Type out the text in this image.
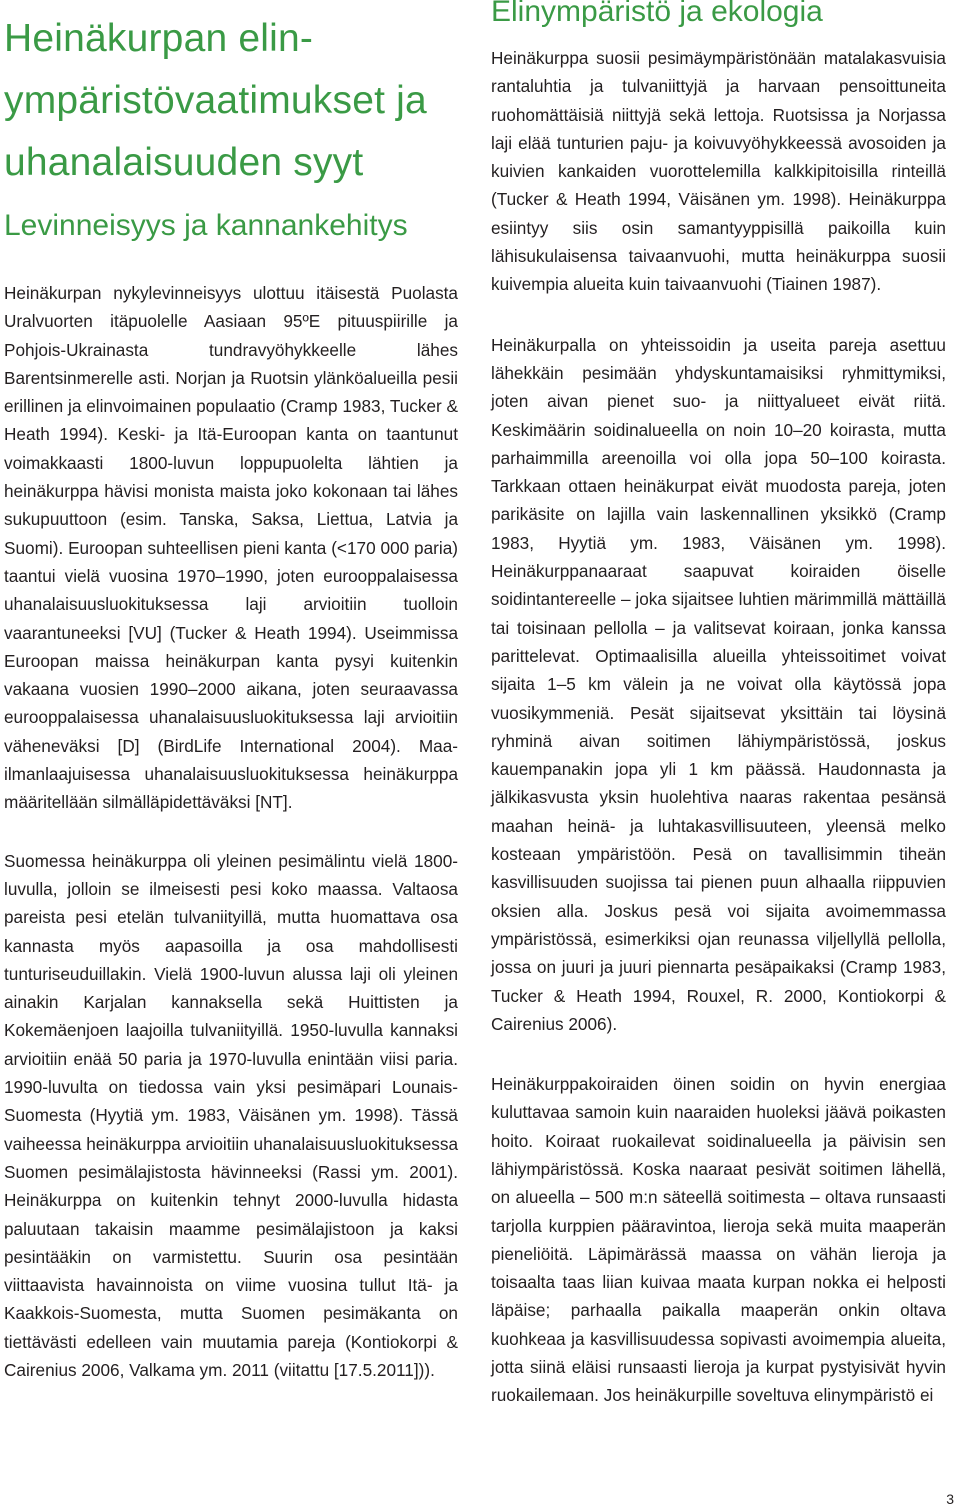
Heinäkurpan elinympäristövaatimukset ja uhanalaisuuden syyt
Levinneisyys ja kannankehitys

Heinäkurpan nykylevinneisyys ulottuu itäisestä Puolasta Uralvuorten itäpuolelle Aasiaan 95ºE pituuspiirille ja Pohjois-Ukrainasta tundravyöhykkeelle lähes Barentsinmerelle asti. Norjan ja Ruotsin ylänköalueilla pesii erillinen ja elinvoimainen populaatio (Cramp 1983, Tucker & Heath 1994). Keski- ja Itä-Euroopan kanta on taantunut voimakkaasti 1800-luvun loppupuolelta lähtien ja heinäkurppa hävisi monista maista joko kokonaan tai lähes sukupuuttoon (esim. Tanska, Saksa, Liettua, Latvia ja Suomi). Euroopan suhteellisen pieni kanta (<170 000 paria) taantui vielä vuosina 1970–1990, joten eurooppalaisessa uhanalaisuusluokituksessa laji arvioitiin tuolloin vaarantuneeksi [VU] (Tucker & Heath 1994). Useimmissa Euroopan maissa heinäkurpan kanta pysyi kuitenkin vakaana vuosien 1990–2000 aikana, joten seuraavassa eurooppalaisessa uhanalaisuusluokituksessa laji arvioitiin väheneväksi [D] (BirdLife International 2004). Maailmanlaajuisessa uhanalaisuusluokituksessa heinäkurppa määritellään silmälläpidettäväksi [NT].

Suomessa heinäkurppa oli yleinen pesimälintu vielä 1800-luvulla, jolloin se ilmeisesti pesi koko maassa. Valtaosa pareista pesi etelän tulvaniityillä, mutta huomattava osa kannasta myös aapasoilla ja osa mahdollisesti tunturiseuduillakin. Vielä 1900-luvun alussa laji oli yleinen ainakin Karjalan kannaksella sekä Huittisten ja Kokemäenjoen laajoilla tulvaniityillä. 1950-luvulla kannaksi arvioitiin enää 50 paria ja 1970-luvulla enintään viisi paria. 1990-luvulta on tiedossa vain yksi pesimäpari Lounais-Suomesta (Hyytiä ym. 1983, Väisänen ym. 1998). Tässä vaiheessa heinäkurppa arvioitiin uhanalaisuusluokituksessa Suomen pesimälajistosta hävinneeksi (Rassi ym. 2001). Heinäkurppa on kuitenkin tehnyt 2000-luvulla hidasta paluutaan takaisin maamme pesimälajistoon ja kaksi pesintääkin on varmistettu. Suurin osa pesintään viittaavista havainnoista on viime vuosina tullut Itä- ja Kaakkois-Suomesta, mutta Suomen pesimäkanta on tiettävästi edelleen vain muutamia pareja (Kontiokorpi & Cairenius 2006, Valkama ym. 2011 (viitattu [17.5.2011])).

Elinympäristö ja ekologia

Heinäkurppa suosii pesimäympäristönään matalakasvuisia rantaluhtia ja tulvaniittyjä ja harvaan pensoittuneita ruohomättäisiä niittyjä sekä lettoja. Ruotsissa ja Norjassa laji elää tunturien paju- ja koivuvyöhykkeessä avosoiden ja kuivien kankaiden vuorottelemilla kalkkipitoisilla rinteillä (Tucker & Heath 1994, Väisänen ym. 1998). Heinäkurppa esiintyy siis osin samantyyppisillä paikoilla kuin lähisukulaisensa taivaanvuohi, mutta heinäkurppa suosii kuivempia alueita kuin taivaanvuohi (Tiainen 1987).

Heinäkurpalla on yhteissoidin ja useita pareja asettuu lähekkäin pesimään yhdyskuntamaisiksi ryhmittymiksi, joten aivan pienet suo- ja niittyalueet eivät riitä. Keskimäärin soidinalueella on noin 10–20 koirasta, mutta parhaimmilla areenoilla voi olla jopa 50–100 koirasta. Tarkkaan ottaen heinäkurpat eivät muodosta pareja, joten parikäsite on lajilla vain laskennallinen yksikkö (Cramp 1983, Hyytiä ym. 1983, Väisänen ym. 1998). Heinäkurppanaaraat saapuvat koiraiden öiselle soidintantereelle – joka sijaitsee luhtien märimmillä mättäillä tai toisinaan pellolla – ja valitsevat koiraan, jonka kanssa parittelevat. Optimaalisilla alueilla yhteissoitimet voivat sijaita 1–5 km välein ja ne voivat olla käytössä jopa vuosikymmeniä. Pesät sijaitsevat yksittäin tai löysinä ryhminä aivan soitimen lähiympäristössä, joskus kauempanakin jopa yli 1 km päässä. Haudonnasta ja jälkikasvusta yksin huolehtiva naaras rakentaa pesänsä maahan heinä- ja luhtakasvillisuuteen, yleensä melko kosteaan ympäristöön. Pesä on tavallisimmin tiheän kasvillisuuden suojissa tai pienen puun alhaalla riippuvien oksien alla. Joskus pesä voi sijaita avoimemmassa ympäristössä, esimerkiksi ojan reunassa viljellyllä pellolla, jossa on juuri ja juuri piennarta pesäpaikaksi (Cramp 1983, Tucker & Heath 1994, Rouxel, R. 2000, Kontiokorpi & Cairenius 2006).

Heinäkurppakoiraiden öinen soidin on hyvin energiaa kuluttavaa samoin kuin naaraiden huoleksi jäävä poikasten hoito. Koiraat ruokailevat soidinalueella ja päivisin sen lähiympäristössä. Koska naaraat pesivät soitimen lähellä, on alueella – 500 m:n säteellä soitimesta – oltava runsaasti tarjolla kurppien pääravintoa, lieroja sekä muita maaperän pieneliöitä. Läpimärässä maassa on vähän lieroja ja toisaalta taas liian kuivaa maata kurpan nokka ei helposti läpäise; parhaalla paikalla maaperän onkin oltava kuohkeaa ja kasvillisuudessa sopivasti avoimempia alueita, jotta siinä eläisi runsaasti lieroja ja kurpat pystyisivät hyvin ruokailemaan. Jos heinäkurpille soveltuva elinympäristö ei

3
